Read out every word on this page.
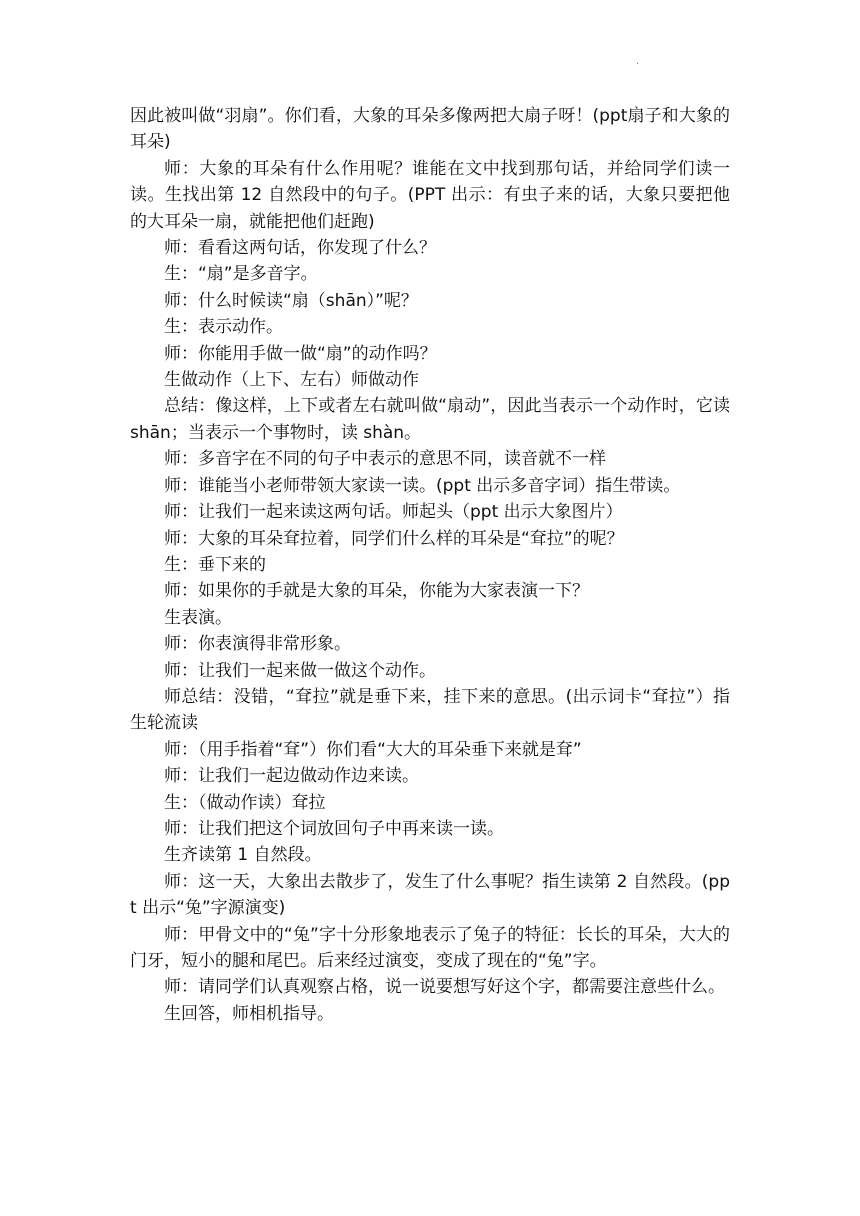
.

因此被叫做“羽扇”。你们看，大象的耳朵多像两把大扇子呀！(ppt扇子和大象的耳朵)

师：大象的耳朵有什么作用呢？谁能在文中找到那句话，并给同学们读一读。生找出第 12 自然段中的句子。(PPT 出示：有虫子来的话，大象只要把他的大耳朵一扇，就能把他们赶跑)

师：看看这两句话，你发现了什么？

生：“扇”是多音字。

师：什么时候读“扇（shān）”呢？

生：表示动作。

师：你能用手做一做“扇”的动作吗？

生做动作（上下、左右）师做动作

总结：像这样，上下或者左右就叫做“扇动”，因此当表示一个动作时，它读 shān；当表示一个事物时，读 shàn。

师：多音字在不同的句子中表示的意思不同，读音就不一样

师：谁能当小老师带领大家读一读。(ppt 出示多音字词）指生带读。

师：让我们一起来读这两句话。师起头（ppt 出示大象图片）

师：大象的耳朵耷拉着，同学们什么样的耳朵是“耷拉”的呢？

生：垂下来的

师：如果你的手就是大象的耳朵，你能为大家表演一下？

生表演。

师：你表演得非常形象。

师：让我们一起来做一做这个动作。

师总结：没错，“耷拉”就是垂下来，挂下来的意思。(出示词卡“耷拉”）指生轮流读

师：（用手指着“耷”）你们看“大大的耳朵垂下来就是耷”

师：让我们一起边做动作边来读。

生：（做动作读）耷拉

师：让我们把这个词放回句子中再来读一读。

生齐读第 1 自然段。

师：这一天，大象出去散步了，发生了什么事呢？指生读第 2 自然段。(ppt 出示“兔”字源演变)

师：甲骨文中的“兔”字十分形象地表示了兔子的特征：长长的耳朵，大大的门牙，短小的腿和尾巴。后来经过演变，变成了现在的“兔”字。

师：请同学们认真观察占格，说一说要想写好这个字，都需要注意些什么。

生回答，师相机指导。
